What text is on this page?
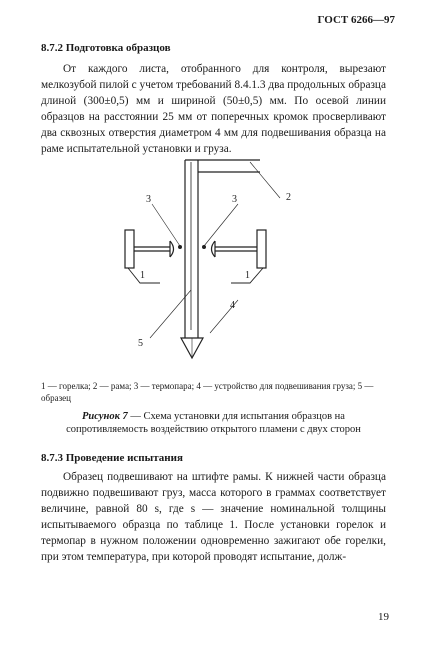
ГОСТ 6266—97
8.7.2 Подготовка образцов

От каждого листа, отобранного для контроля, вырезают мелкозубой пилой с учетом требований 8.4.1.3 два продольных образца длиной (300±0,5) мм и шириной (50±0,5) мм. По осевой линии образцов на расстоянии 25 мм от поперечных кромок просверливают два сквозных отверстия диаметром 4 мм для подвешивания образца на раме испытательной установки и груза.

3	3	2
4
5
1	1
1 — горелка; 2 — рама; 3 — термопара; 4 — устройство для подвешивания груза; 5 — образец
Рисунок 7 — Схема установки для испытания образцов на сопротивляемость воздействию открытого пламени с двух сторон
8.7.3 Проведение испытания

Образец подвешивают на штифте рамы. К нижней части образца подвижно подвешивают груз, масса которого в граммах соответствует величине, равной 80 s, где s — значение номинальной толщины испытываемого образца по таблице 1. После установки горелок и термопар в нужном положении одновременно зажигают обе горелки, при этом температура, при которой проводят испытание, долж-

19
